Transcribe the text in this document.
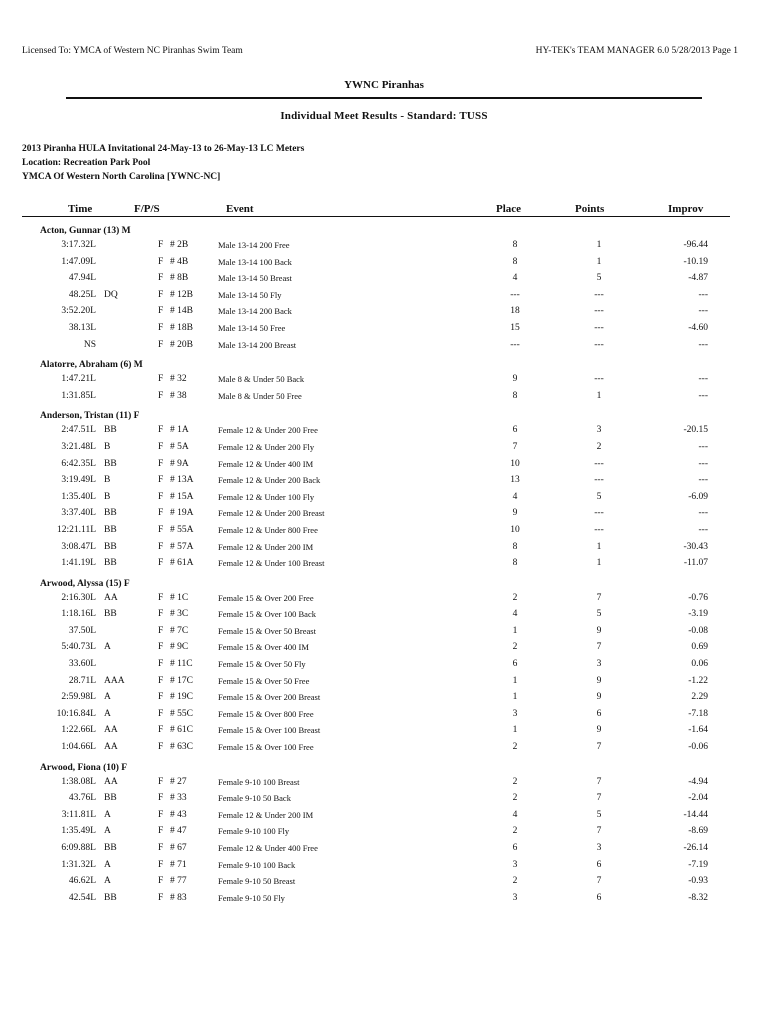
Licensed To: YMCA of Western NC Piranhas Swim Team	HY-TEK's TEAM MANAGER 6.0 5/28/2013 Page 1
YWNC Piranhas
Individual Meet Results - Standard: TUSS
2013 Piranha HULA Invitational 24-May-13 to 26-May-13 LC Meters
Location: Recreation Park Pool
YMCA Of Western North Carolina [YWNC-NC]
Time	F/P/S	Event	Place	Points	Improv
Acton, Gunnar (13) M
3:17.32L	F # 2B	Male 13-14 200 Free	8	1	-96.44
1:47.09L	F # 4B	Male 13-14 100 Back	8	1	-10.19
47.94L	F # 8B	Male 13-14 50 Breast	4	5	-4.87
48.25L DQ	F # 12B	Male 13-14 50 Fly	---	---	---
3:52.20L	F # 14B	Male 13-14 200 Back	18	---	---
38.13L	F # 18B	Male 13-14 50 Free	15	---	-4.60
NS	F # 20B	Male 13-14 200 Breast	---	---	---
Alatorre, Abraham (6) M
1:47.21L	F # 32	Male 8 & Under 50 Back	9	---	---
1:31.85L	F # 38	Male 8 & Under 50 Free	8	1	---
Anderson, Tristan (11) F
2:47.51L BB	F # 1A	Female 12 & Under 200 Free	6	3	-20.15
3:21.48L B	F # 5A	Female 12 & Under 200 Fly	7	2	---
6:42.35L BB	F # 9A	Female 12 & Under 400 IM	10	---	---
3:19.49L B	F # 13A	Female 12 & Under 200 Back	13	---	---
1:35.40L B	F # 15A	Female 12 & Under 100 Fly	4	5	-6.09
3:37.40L BB	F # 19A	Female 12 & Under 200 Breast	9	---	---
12:21.11L BB	F # 55A	Female 12 & Under 800 Free	10	---	---
3:08.47L BB	F # 57A	Female 12 & Under 200 IM	8	1	-30.43
1:41.19L BB	F # 61A	Female 12 & Under 100 Breast	8	1	-11.07
Arwood, Alyssa (15) F
2:16.30L AA	F # 1C	Female 15 & Over 200 Free	2	7	-0.76
1:18.16L BB	F # 3C	Female 15 & Over 100 Back	4	5	-3.19
37.50L	F # 7C	Female 15 & Over 50 Breast	1	9	-0.08
5:40.73L A	F # 9C	Female 15 & Over 400 IM	2	7	0.69
33.60L	F # 11C	Female 15 & Over 50 Fly	6	3	0.06
28.71L AAA	F # 17C	Female 15 & Over 50 Free	1	9	-1.22
2:59.98L A	F # 19C	Female 15 & Over 200 Breast	1	9	2.29
10:16.84L A	F # 55C	Female 15 & Over 800 Free	3	6	-7.18
1:22.66L AA	F # 61C	Female 15 & Over 100 Breast	1	9	-1.64
1:04.66L AA	F # 63C	Female 15 & Over 100 Free	2	7	-0.06
Arwood, Fiona (10) F
1:38.08L AA	F # 27	Female 9-10 100 Breast	2	7	-4.94
43.76L BB	F # 33	Female 9-10 50 Back	2	7	-2.04
3:11.81L A	F # 43	Female 12 & Under 200 IM	4	5	-14.44
1:35.49L A	F # 47	Female 9-10 100 Fly	2	7	-8.69
6:09.88L BB	F # 67	Female 12 & Under 400 Free	6	3	-26.14
1:31.32L A	F # 71	Female 9-10 100 Back	3	6	-7.19
46.62L A	F # 77	Female 9-10 50 Breast	2	7	-0.93
42.54L BB	F # 83	Female 9-10 50 Fly	3	6	-8.32
